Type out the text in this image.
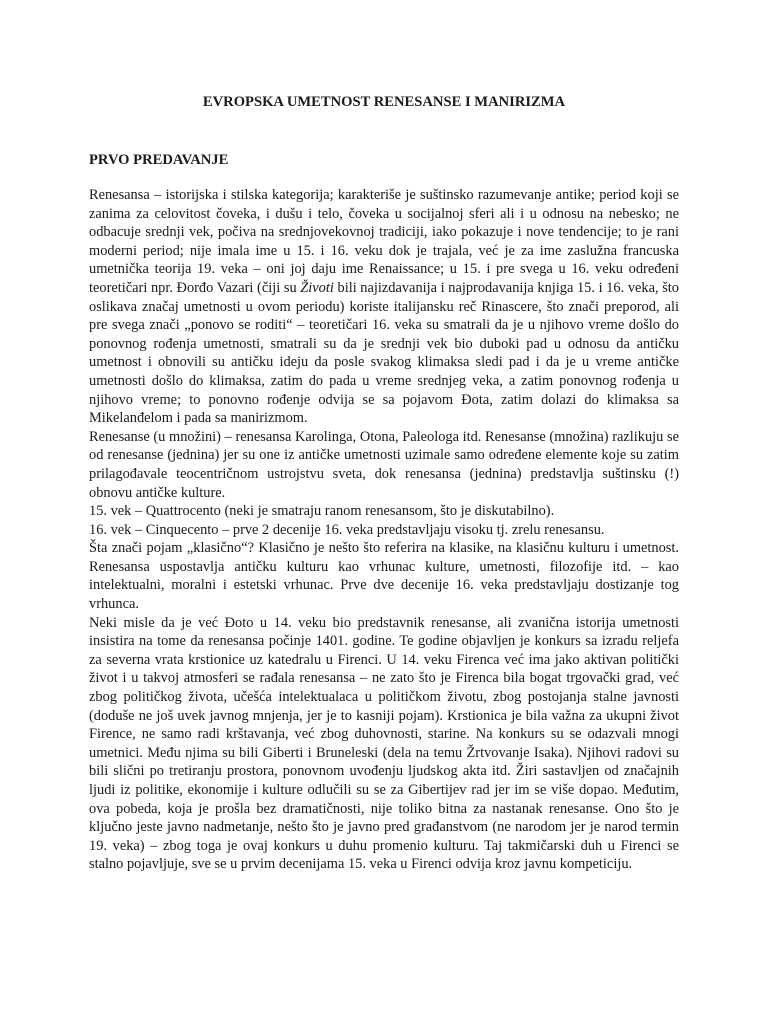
EVROPSKA UMETNOST RENESANSE I MANIRIZMA
PRVO PREDAVANJE

Renesansa – istorijska i stilska kategorija; karakteriše je suštinsko razumevanje antike; period koji se zanima za celovitost čoveka, i dušu i telo, čoveka u socijalnoj sferi ali i u odnosu na nebesko; ne odbacuje srednji vek, počiva na srednjovekovnoj tradiciji, iako pokazuje i nove tendencije; to je rani moderni period; nije imala ime u 15. i 16. veku dok je trajala, već je za ime zaslužna francuska umetnička teorija 19. veka – oni joj daju ime Renaissance; u 15. i pre svega u 16. veku određeni teoretičari npr. Đorđo Vazari (čiji su Životi bili najizdavanija i najprodavanija knjiga 15. i 16. veka, što oslikava značaj umetnosti u ovom periodu) koriste italijansku reč Rinascere, što znači preporod, ali pre svega znači „ponovo se roditi“ – teoretičari 16. veka su smatrali da je u njihovo vreme došlo do ponovnog rođenja umetnosti, smatrali su da je srednji vek bio duboki pad u odnosu da antičku umetnost i obnovili su antičku ideju da posle svakog klimaksa sledi pad i da je u vreme antičke umetnosti došlo do klimaksa, zatim do pada u vreme srednjeg veka, a zatim ponovnog rođenja u njihovo vreme; to ponovno rođenje odvija se sa pojavom Đota, zatim dolazi do klimaksa sa Mikelanđelom i pada sa manirizmom.

Renesanse (u množini) – renesansa Karolinga, Otona, Paleologa itd. Renesanse (množina) razlikuju se od renesanse (jednina) jer su one iz antičke umetnosti uzimale samo određene elemente koje su zatim prilagođavale teocentričnom ustrojstvu sveta, dok renesansa (jednina) predstavlja suštinsku (!) obnovu antičke kulture.

15. vek – Quattrocento (neki je smatraju ranom renesansom, što je diskutabilno).

16. vek – Cinquecento – prve 2 decenije 16. veka predstavljaju visoku tj. zrelu renesansu.

Šta znači pojam „klasično“? Klasično je nešto što referira na klasike, na klasičnu kulturu i umetnost. Renesansa uspostavlja antičku kulturu kao vrhunac kulture, umetnosti, filozofije itd. – kao intelektualni, moralni i estetski vrhunac. Prve dve decenije 16. veka predstavljaju dostizanje tog vrhunca.

Neki misle da je već Đoto u 14. veku bio predstavnik renesanse, ali zvanična istorija umetnosti insistira na tome da renesansa počinje 1401. godine. Te godine objavljen je konkurs sa izradu reljefa za severna vrata krstionice uz katedralu u Firenci. U 14. veku Firenca već ima jako aktivan politički život i u takvoj atmosferi se rađala renesansa – ne zato što je Firenca bila bogat trgovački grad, već zbog političkog života, učešća intelektualaca u političkom životu, zbog postojanja stalne javnosti (doduše ne još uvek javnog mnjenja, jer je to kasniji pojam). Krstionica je bila važna za ukupni život Firence, ne samo radi krštavanja, već zbog duhovnosti, starine. Na konkurs su se odazvali mnogi umetnici. Među njima su bili Giberti i Bruneleski (dela na temu Žrtvovanje Isaka). Njihovi radovi su bili slični po tretiranju prostora, ponovnom uvođenju ljudskog akta itd. Žiri sastavljen od značajnih ljudi iz politike, ekonomije i kulture odlučili su se za Gibertijev rad jer im se više dopao. Međutim, ova pobeda, koja je prošla bez dramatičnosti, nije toliko bitna za nastanak renesanse. Ono što je ključno jeste javno nadmetanje, nešto što je javno pred građanstvom (ne narodom jer je narod termin 19. veka) – zbog toga je ovaj konkurs u duhu promenio kulturu. Taj takmičarski duh u Firenci se stalno pojavljuje, sve se u prvim decenijama 15. veka u Firenci odvija kroz javnu kompeticiju.
